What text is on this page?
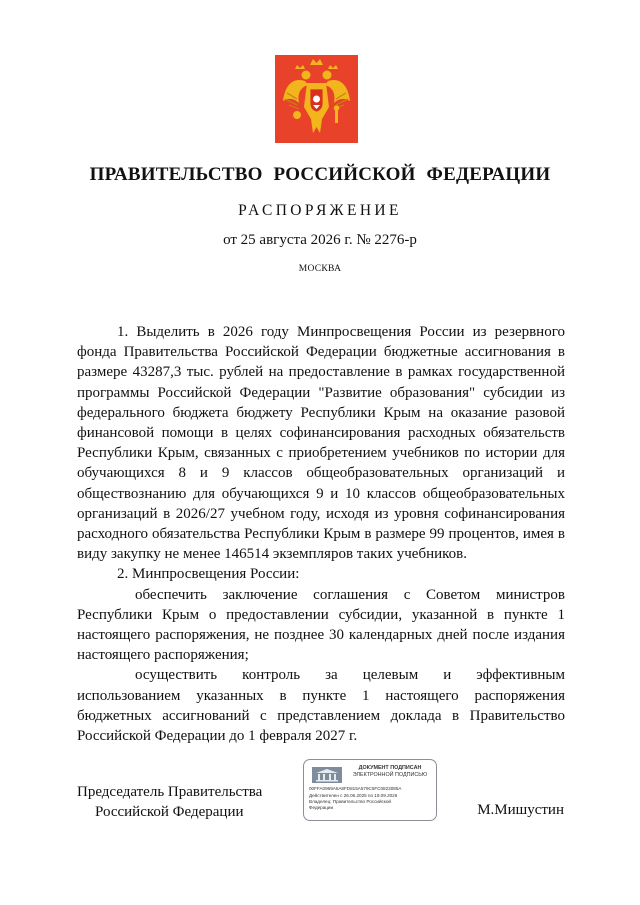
ПРАВИТЕЛЬСТВО РОССИЙСКОЙ ФЕДЕРАЦИИ
РАСПОРЯЖЕНИЕ
от 25 августа 2026 г. № 2276-р
МОСКВА

1. Выделить в 2026 году Минпросвещения России из резервного фонда Правительства Российской Федерации бюджетные ассигнования в размере 43287,3 тыс. рублей на предоставление в рамках государственной программы Российской Федерации "Развитие образования" субсидии из федерального бюджета бюджету Республики Крым на оказание разовой финансовой помощи в целях софинансирования расходных обязательств Республики Крым, связанных с приобретением учебников по истории для обучающихся 8 и 9 классов общеобразовательных организаций и обществознанию для обучающихся 9 и 10 классов общеобразовательных организаций в 2026/27 учебном году, исходя из уровня софинансирования расходного обязательства Республики Крым в размере 99 процентов, имея в виду закупку не менее 146514 экземпляров таких учебников.

2. Минпросвещения России:

обеспечить заключение соглашения с Советом министров Республики Крым о предоставлении субсидии, указанной в пункте 1 настоящего распоряжения, не позднее 30 календарных дней после издания настоящего распоряжения;

осуществить контроль за целевым и эффективным использованием указанных в пункте 1 настоящего распоряжения бюджетных ассигнований с представлением доклада в Правительство Российской Федерации до 1 февраля 2027 г.

Председатель Правительства
Российской Федерации	М.Мишустин
ДОКУМЕНТ ПОДПИСАН
ЭЛЕКТРОННОЙ ПОДПИСЬЮ
00FFA0969A5A8FD815A579C5FC0823085A
Действителен с 26.06.2025 по 19.09.2026
Владелец: Правительство Российской
Федерации
